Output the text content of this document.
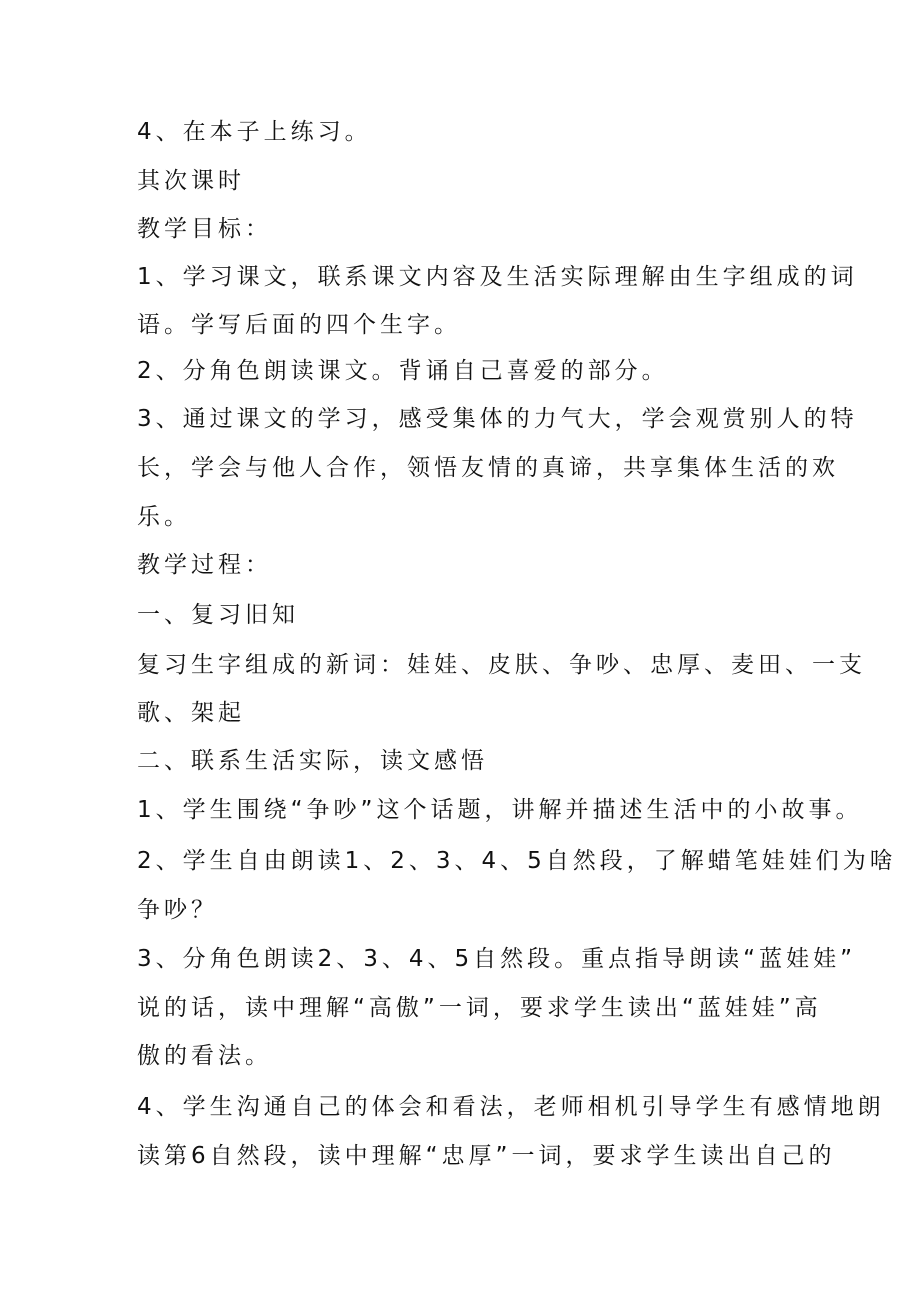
4、在本子上练习。

其次课时

教学目标：

1、学习课文，联系课文内容及生活实际理解由生字组成的词

语。学写后面的四个生字。

2、分角色朗读课文。背诵自己喜爱的部分。

3、通过课文的学习，感受集体的力气大，学会观赏别人的特

长，学会与他人合作，领悟友情的真谛，共享集体生活的欢

乐。

教学过程：

一、复习旧知

复习生字组成的新词：娃娃、皮肤、争吵、忠厚、麦田、一支

歌、架起

二、联系生活实际，读文感悟

1、学生围绕“争吵”这个话题，讲解并描述生活中的小故事。

2、学生自由朗读1、2、3、4、5自然段，了解蜡笔娃娃们为啥

争吵？

3、分角色朗读2、3、4、5自然段。重点指导朗读“蓝娃娃”

说的话，读中理解“高傲”一词，要求学生读出“蓝娃娃”高

傲的看法。

4、学生沟通自己的体会和看法，老师相机引导学生有感情地朗

读第6自然段，读中理解“忠厚”一词，要求学生读出自己的
